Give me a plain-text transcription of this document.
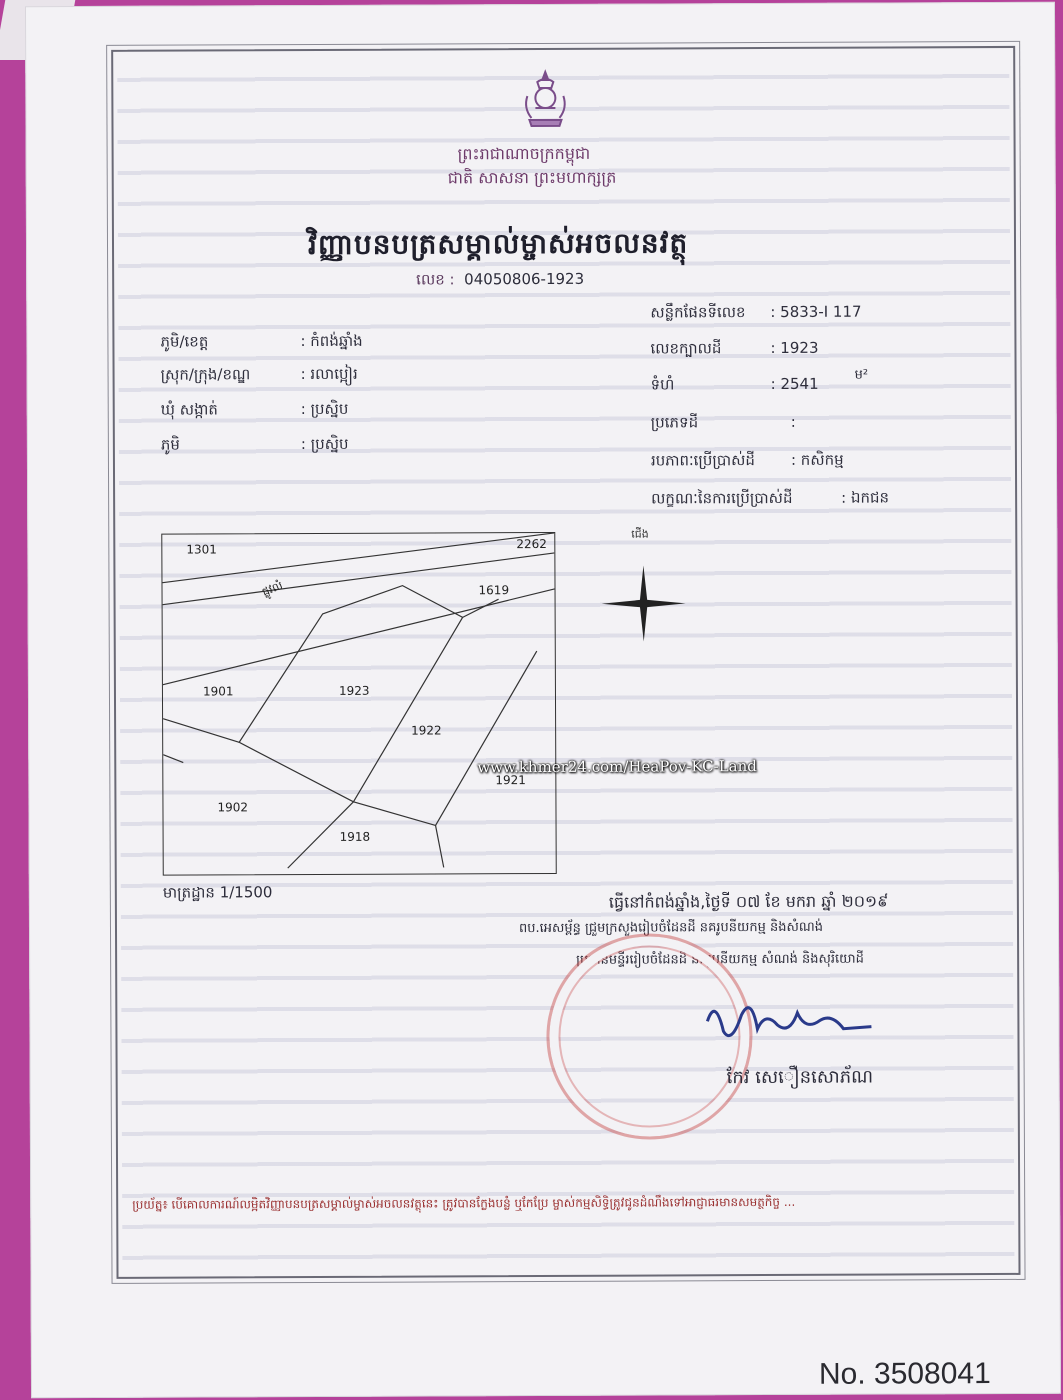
ព្រះរាជាណាចក្រកម្ពុជា
ជាតិ សាសនា ព្រះមហាក្សត្រ
វិញ្ញាបនបត្រសម្គាល់ម្ចាស់អចលនវត្ថុ
លេខ : 04050806-1923
ភូមិ/ខេត្ត	: កំពង់ឆ្នាំង
ស្រុក/ក្រុង/ខណ្ឌ	: រលាប្អៀរ
ឃុំ សង្កាត់	: ប្រស្និប
ភូមិ	: ប្រស្និប
សន្លឹកផែនទីលេខ : 5833-I 117
លេខក្បាលដី	: 1923
ទំហំ	: 2541	ម²
ប្រភេទដី	:
របភាពៈប្រើប្រាស់ដី : កសិកម្ម
លក្ខណៈនៃការប្រើប្រាស់ដី	: ឯកជន
1301	2262
1619
1901	1923
1922
1921
1902
1918
ផ្លូវលំ
ជើង
មាត្រដ្ឋាន 1/1500	ធ្វើនៅកំពង់ឆ្នាំង,ថ្ងៃទី ០៧ ខែ មករា ឆ្នាំ ២០១៩
ពប.អេសម្ព័ន្ធ ជ្រួមក្រសួងរៀបចំដែនដី នគរូបនីយកម្ម និងសំណង់
ប្រធានមន្ទីររៀបចំដែនដី នគរូបនីយកម្ម សំណង់ និងសុរិយោដី
កែវ សេឿនសោភ័ណ
ប្រយ័ត្ន៖ បើគោលការណ៍លម្អិតវិញ្ញាបនបត្រសម្គាល់ម្ចាស់អចលនវត្ថុនេះ ត្រូវបានក្លែងបន្លំ ឬកែប្រែ ម្ចាស់កម្មសិទ្ធិត្រូវជូនដំណឹងទៅអាជ្ញាធរមានសមត្ថកិច្ច ...
www.khmer24.com/HeaPov-KC-Land
No. 3508041
